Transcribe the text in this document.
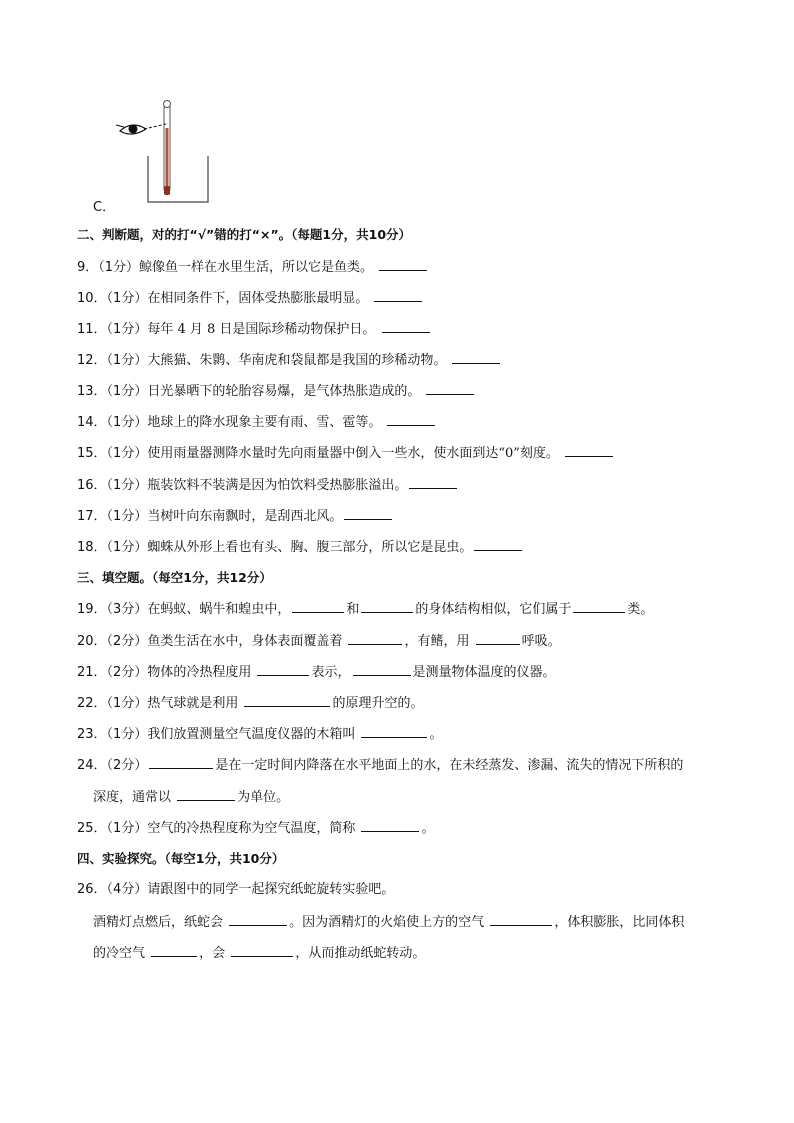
C．
二、判断题，对的打“√”错的打“×”。（每题1分，共10分）
9．（1分）鲸像鱼一样在水里生活，所以它是鱼类。
10．（1分）在相同条件下，固体受热膨胀最明显。
11．（1分）每年 4 月 8 日是国际珍稀动物保护日。
12．（1分）大熊猫、朱鹮、华南虎和袋鼠都是我国的珍稀动物。
13．（1分）日光暴晒下的轮胎容易爆，是气体热胀造成的。
14．（1分）地球上的降水现象主要有雨、雪、雹等。
15．（1分）使用雨量器测降水量时先向雨量器中倒入一些水，使水面到达“0”刻度。
16．（1分）瓶装饮料不装满是因为怕饮料受热膨胀溢出。
17．（1分）当树叶向东南飘时，是刮西北风。
18．（1分）蜘蛛从外形上看也有头、胸、腹三部分，所以它是昆虫。
三、填空题。（每空1分，共12分）
19．（3分）在蚂蚁、蜗牛和蝗虫中，	和	的身体结构相似，它们属于	类。
20．（2分）鱼类生活在水中，身体表面覆盖着	，有鳍，用	呼吸。
21．（2分）物体的冷热程度用	表示，	是测量物体温度的仪器。
22．（1分）热气球就是利用	的原理升空的。
23．（1分）我们放置测量空气温度仪器的木箱叫	。
24．（2分）	是在一定时间内降落在水平地面上的水，在未经蒸发、渗漏、流失的情况下所积的
深度，通常以	为单位。
25．（1分）空气的冷热程度称为空气温度，简称	。
四、实验探究。（每空1分，共10分）
26．（4分）请跟图中的同学一起探究纸蛇旋转实验吧。
酒精灯点燃后，纸蛇会	。因为酒精灯的火焰使上方的空气	，体积膨胀，比同体积
的冷空气	，会	，从而推动纸蛇转动。
